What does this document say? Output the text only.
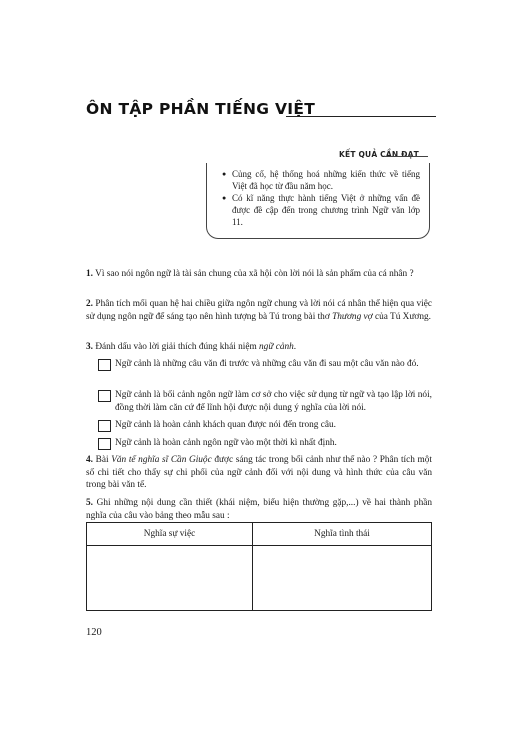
ÔN TẬP PHẦN TIẾNG VIỆT
KẾT QUẢ CẦN ĐẠT
● Củng cố, hệ thống hoá những kiến thức về tiếng Việt đã học từ đầu năm học.
● Có kĩ năng thực hành tiếng Việt ở những vấn đề được đề cập đến trong chương trình Ngữ văn lớp 11.
1. Vì sao nói ngôn ngữ là tài sản chung của xã hội còn lời nói là sản phẩm của cá nhân ?
2. Phân tích mối quan hệ hai chiều giữa ngôn ngữ chung và lời nói cá nhân thể hiện qua việc sử dụng ngôn ngữ để sáng tạo nên hình tượng bà Tú trong bài thơ Thương vợ của Tú Xương.
3. Đánh dấu vào lời giải thích đúng khái niệm ngữ cảnh.
Ngữ cảnh là những câu văn đi trước và những câu văn đi sau một câu văn nào đó.
Ngữ cảnh là bối cảnh ngôn ngữ làm cơ sở cho việc sử dụng từ ngữ và tạo lập lời nói, đồng thời làm căn cứ để lĩnh hội được nội dung ý nghĩa của lời nói.
Ngữ cảnh là hoàn cảnh khách quan được nói đến trong câu.
Ngữ cảnh là hoàn cảnh ngôn ngữ vào một thời kì nhất định.
4. Bài Văn tế nghĩa sĩ Cần Giuộc được sáng tác trong bối cảnh như thế nào ? Phân tích một số chi tiết cho thấy sự chi phối của ngữ cảnh đối với nội dung và hình thức của câu văn trong bài văn tế.
5. Ghi những nội dung cần thiết (khái niệm, biểu hiện thường gặp,...) về hai thành phần nghĩa của câu vào bảng theo mẫu sau :
Nghĩa sự việc	Nghĩa tình thái

120
